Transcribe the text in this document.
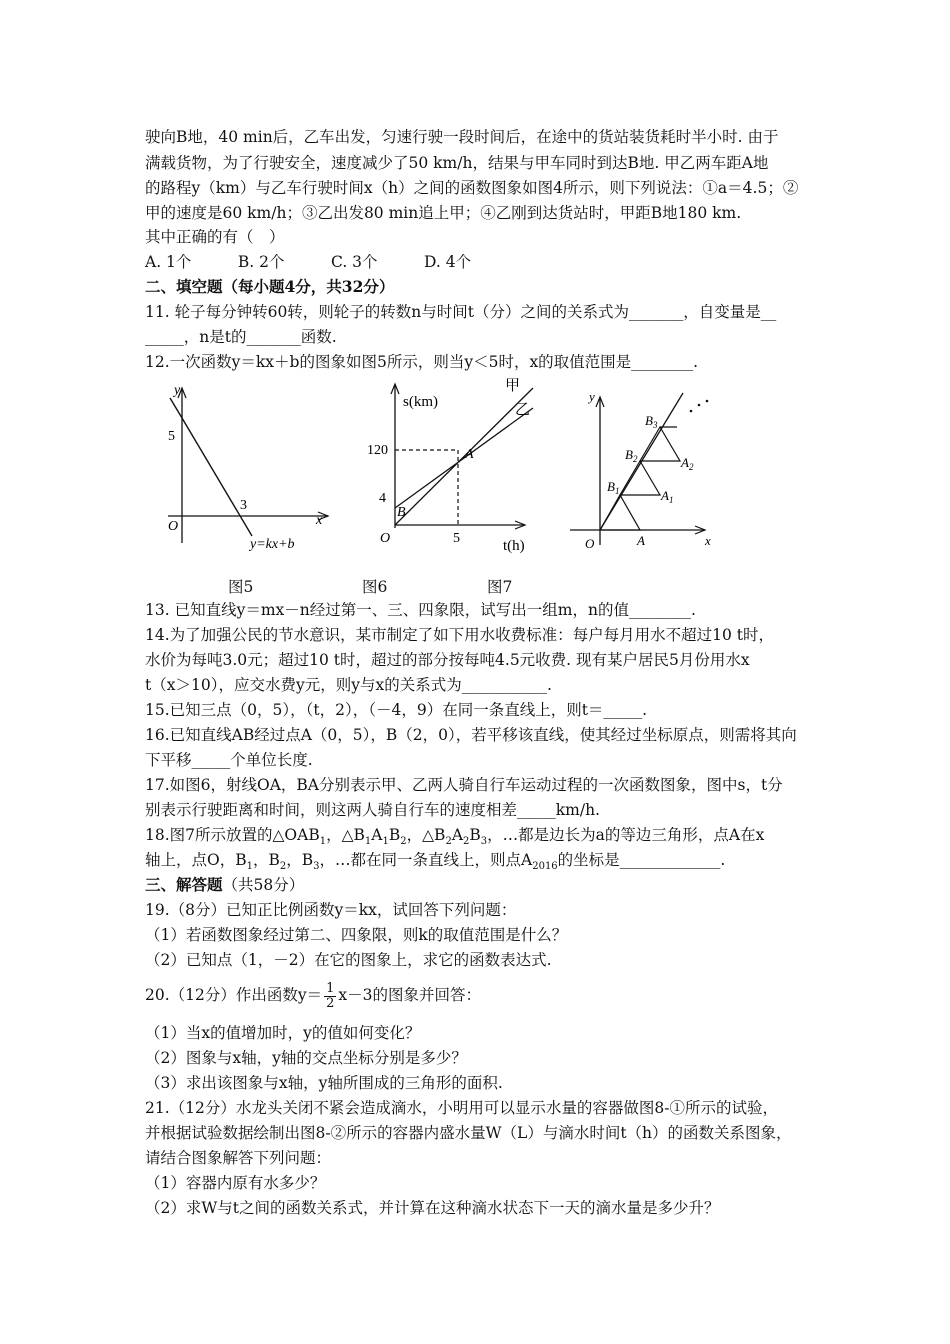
驶向B地，40 min后，乙车出发，匀速行驶一段时间后，在途中的货站装货耗时半小时. 由于
满载货物，为了行驶安全，速度减少了50 km/h，结果与甲车同时到达B地. 甲乙两车距A地
的路程y（km）与乙车行驶时间x（h）之间的函数图象如图4所示，则下列说法：①a＝4.5；②
甲的速度是60 km/h；③乙出发80 min追上甲；④乙刚到达货站时，甲距B地180 km.
其中正确的有（　）
A. 1个　　　B. 2个　　　C. 3个　　　D. 4个
二、填空题（每小题4分，共32分）
11. 轮子每分钟转60转，则轮子的转数n与时间t（分）之间的关系式为_______，自变量是__
_____，n是t的_______函数.
12.一次函数y＝kx＋b的图象如图5所示，则当y＜5时，x的取值范围是________.
y
x
O
5
3
y=kx+b
s(km)
t(h)
O
120
4
5
A
B
甲
乙
y
x
O	A
$A_1$
$A_2$
$B_1$
$B_2$
$B_3$
图5	图6	图7
13. 已知直线y＝mx－n经过第一、三、四象限，试写出一组m，n的值________.
14.为了加强公民的节水意识，某市制定了如下用水收费标准：每户每月用水不超过10 t时，
水价为每吨3.0元；超过10 t时，超过的部分按每吨4.5元收费. 现有某户居民5月份用水x
t（x＞10），应交水费y元，则y与x的关系式为___________.
15.已知三点（0，5），（t，2），（－4，9）在同一条直线上，则t＝_____.
16.已知直线AB经过点A（0，5），B（2，0），若平移该直线，使其经过坐标原点，则需将其向
下平移_____个单位长度.
17.如图6，射线OA，BA分别表示甲、乙两人骑自行车运动过程的一次函数图象，图中s，t分
别表示行驶距离和时间，则这两人骑自行车的速度相差_____km/h.
18.图7所示放置的$\triangle OAB_1$，$\triangle B_1A_1B_2$，$\triangle B_2A_2B_3$，…都是边长为a的等边三角形，点A在x
轴上，点O，$B_1$，$B_2$，$B_3$，…都在同一条直线上，则点$A_{2016}$的坐标是_____________.
三、解答题（共58分）
19.（8分）已知正比例函数y＝kx，试回答下列问题：
（1）若函数图象经过第二、四象限，则k的取值范围是什么？
（2）已知点（1，－2）在它的图象上，求它的函数表达式.
20.（12分）作出函数$y= \frac{1}{2} x-3$的图象并回答：
（1）当x的值增加时，y的值如何变化？
（2）图象与x轴，y轴的交点坐标分别是多少？
（3）求出该图象与x轴，y轴所围成的三角形的面积.
21.（12分）水龙头关闭不紧会造成滴水，小明用可以显示水量的容器做图8-①所示的试验，
并根据试验数据绘制出图8-②所示的容器内盛水量W（L）与滴水时间t（h）的函数关系图象，
请结合图象解答下列问题：
（1）容器内原有水多少？
（2）求W与t之间的函数关系式，并计算在这种滴水状态下一天的滴水量是多少升？
